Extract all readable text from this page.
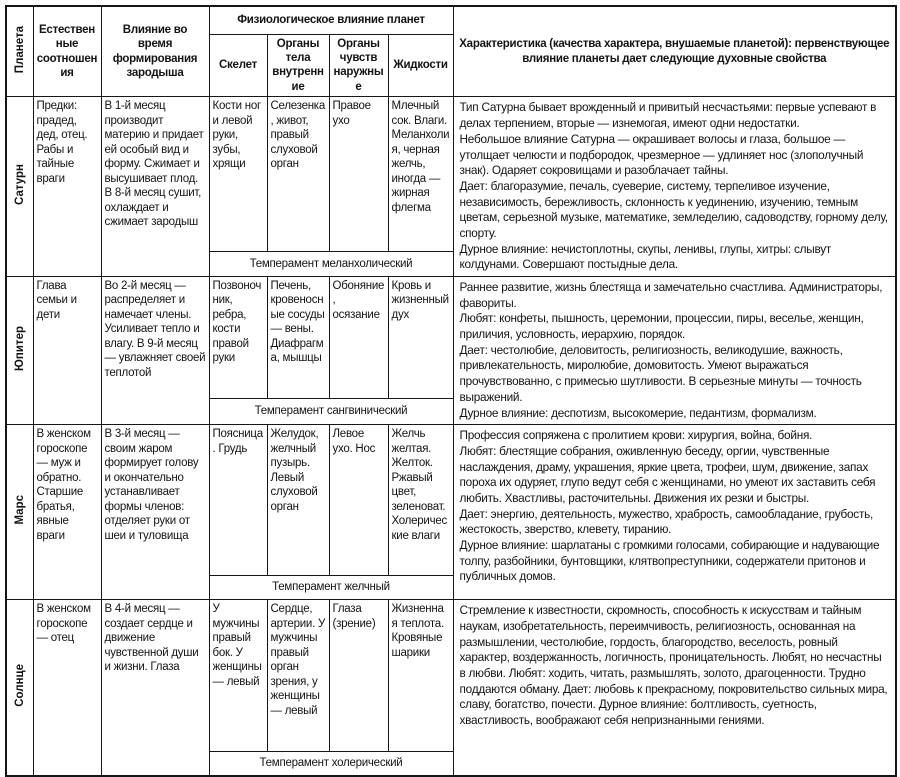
Планета	Естественные соотношения	Влияние во время формирования зародыша	Физиологическое влияние планет				Характеристика (качества характера, внушаемые планетой): первенствующее влияние планеты дает следующие духовные свойства
			Скелет	Органы тела внутренние	Органы чувств наружные	Жидкости	
Сатурн	Предки: прадед, дед, отец. Рабы и тайные враги	В 1-й месяц производит материю и придает ей особый вид и форму. Сжимает и высушивает плод. В 8-й месяц сушит, охлаждает и сжимает зародыш	Кости ног и левой руки, зубы, хрящи	Селезенка, живот, правый слуховой орган	Правое ухо	Млечный сок. Влаги. Меланхолия, черная желчь, иногда — жирная флегма	Тип Сатурна бывает врожденный и привитый несчастьями: первые успевают в делах терпением, вторые — изнемогая, имеют одни недостатки.
Небольшое влияние Сатурна — окрашивает волосы и глаза, большое — утолщает челюсти и подбородок, чрезмерное — удлиняет нос (злополучный знак). Одаряет сокровищами и разоблачает тайны.
Дает: благоразумие, печаль, суеверие, систему, терпеливое изучение, независимость, бережливость, склонность к уединению, изучению, темным цветам, серьезной музыке, математике, земледелию, садоводству, горному делу, спорту.
Дурное влияние: нечистоплотны, скупы, ленивы, глупы, хитры: слывут колдунами. Совершают постыдные дела.

			Темперамент меланхолический				
Юпитер	Глава семьи и дети	Во 2-й месяц — распределяет и намечает члены. Усиливает тепло и влагу. В 9-й месяц — увлажняет своей теплотой	Позвоночник, ребра, кости правой руки	Печень, кровеносные сосуды — вены. Диафрагма, мышцы	Обоняние, осязание	Кровь и жизненный дух	Раннее развитие, жизнь блестяща и замечательно счастлива. Администраторы, фавориты.
Любят: конфеты, пышность, церемонии, процессии, пиры, веселье, женщин, приличия, условность, иерархию, порядок.
Дает: честолюбие, деловитость, религиозность, великодушие, важность, привлекательность, миролюбие, домовитость. Умеют выражаться прочувствованно, с примесью шутливости. В серьезные минуты — точность выражений.
Дурное влияние: деспотизм, высокомерие, педантизм, формализм.

			Темперамент сангвинический				
Марс	В женском гороскопе — муж и обратно. Старшие братья, явные враги	В 3-й месяц — своим жаром формирует голову и окончательно устанавливает формы членов: отделяет руки от шеи и туловища	Поясница. Грудь	Желудок, желчный пузырь. Левый слуховой орган	Левое ухо. Нос	Желчь желтая. Желток. Ржавый цвет, зеленоват. Холерические влаги	Профессия сопряжена с пролитием крови: хирургия, война, бойня.
Любят: блестящие собрания, оживленную беседу, оргии, чувственные наслаждения, драму, украшения, яркие цвета, трофеи, шум, движение, запах пороха их одуряет, глупо ведут себя с женщинами, но умеют их заставить себя любить. Хвастливы, расточительны. Движения их резки и быстры.
Дает: энергию, деятельность, мужество, храбрость, самообладание, грубость, жестокость, зверство, клевету, тиранию.
Дурное влияние: шарлатаны с громкими голосами, собирающие и надувающие толпу, разбойники, бунтовщики, клятвопреступники, содержатели притонов и публичных домов.

			Темперамент желчный				
Солнце	В женском гороскопе — отец	В 4-й месяц — создает сердце и движение чувственной души и жизни. Глаза	У мужчины правый бок. У женщины — левый	Сердце, артерии. У мужчины правый орган зрения, у женщины — левый	Глаза (зрение)	Жизненная теплота. Кровяные шарики	Стремление к известности, скромность, способность к искусствам и тайным наукам, изобретательность, переимчивость, религиозность, основанная на размышлении, честолюбие, гордость, благородство, веселость, ровный характер, воздержанность, логичность, проницательность. Любят, но несчастны в любви. Любят: ходить, читать, размышлять, золото, драгоценности. Трудно поддаются обману. Дает: любовь к прекрасному, покровительство сильных мира, славу, богатство, почести. Дурное влияние: болтливость, суетность, хвастливость, воображают себя непризнанными гениями.

			Темперамент холерический				
